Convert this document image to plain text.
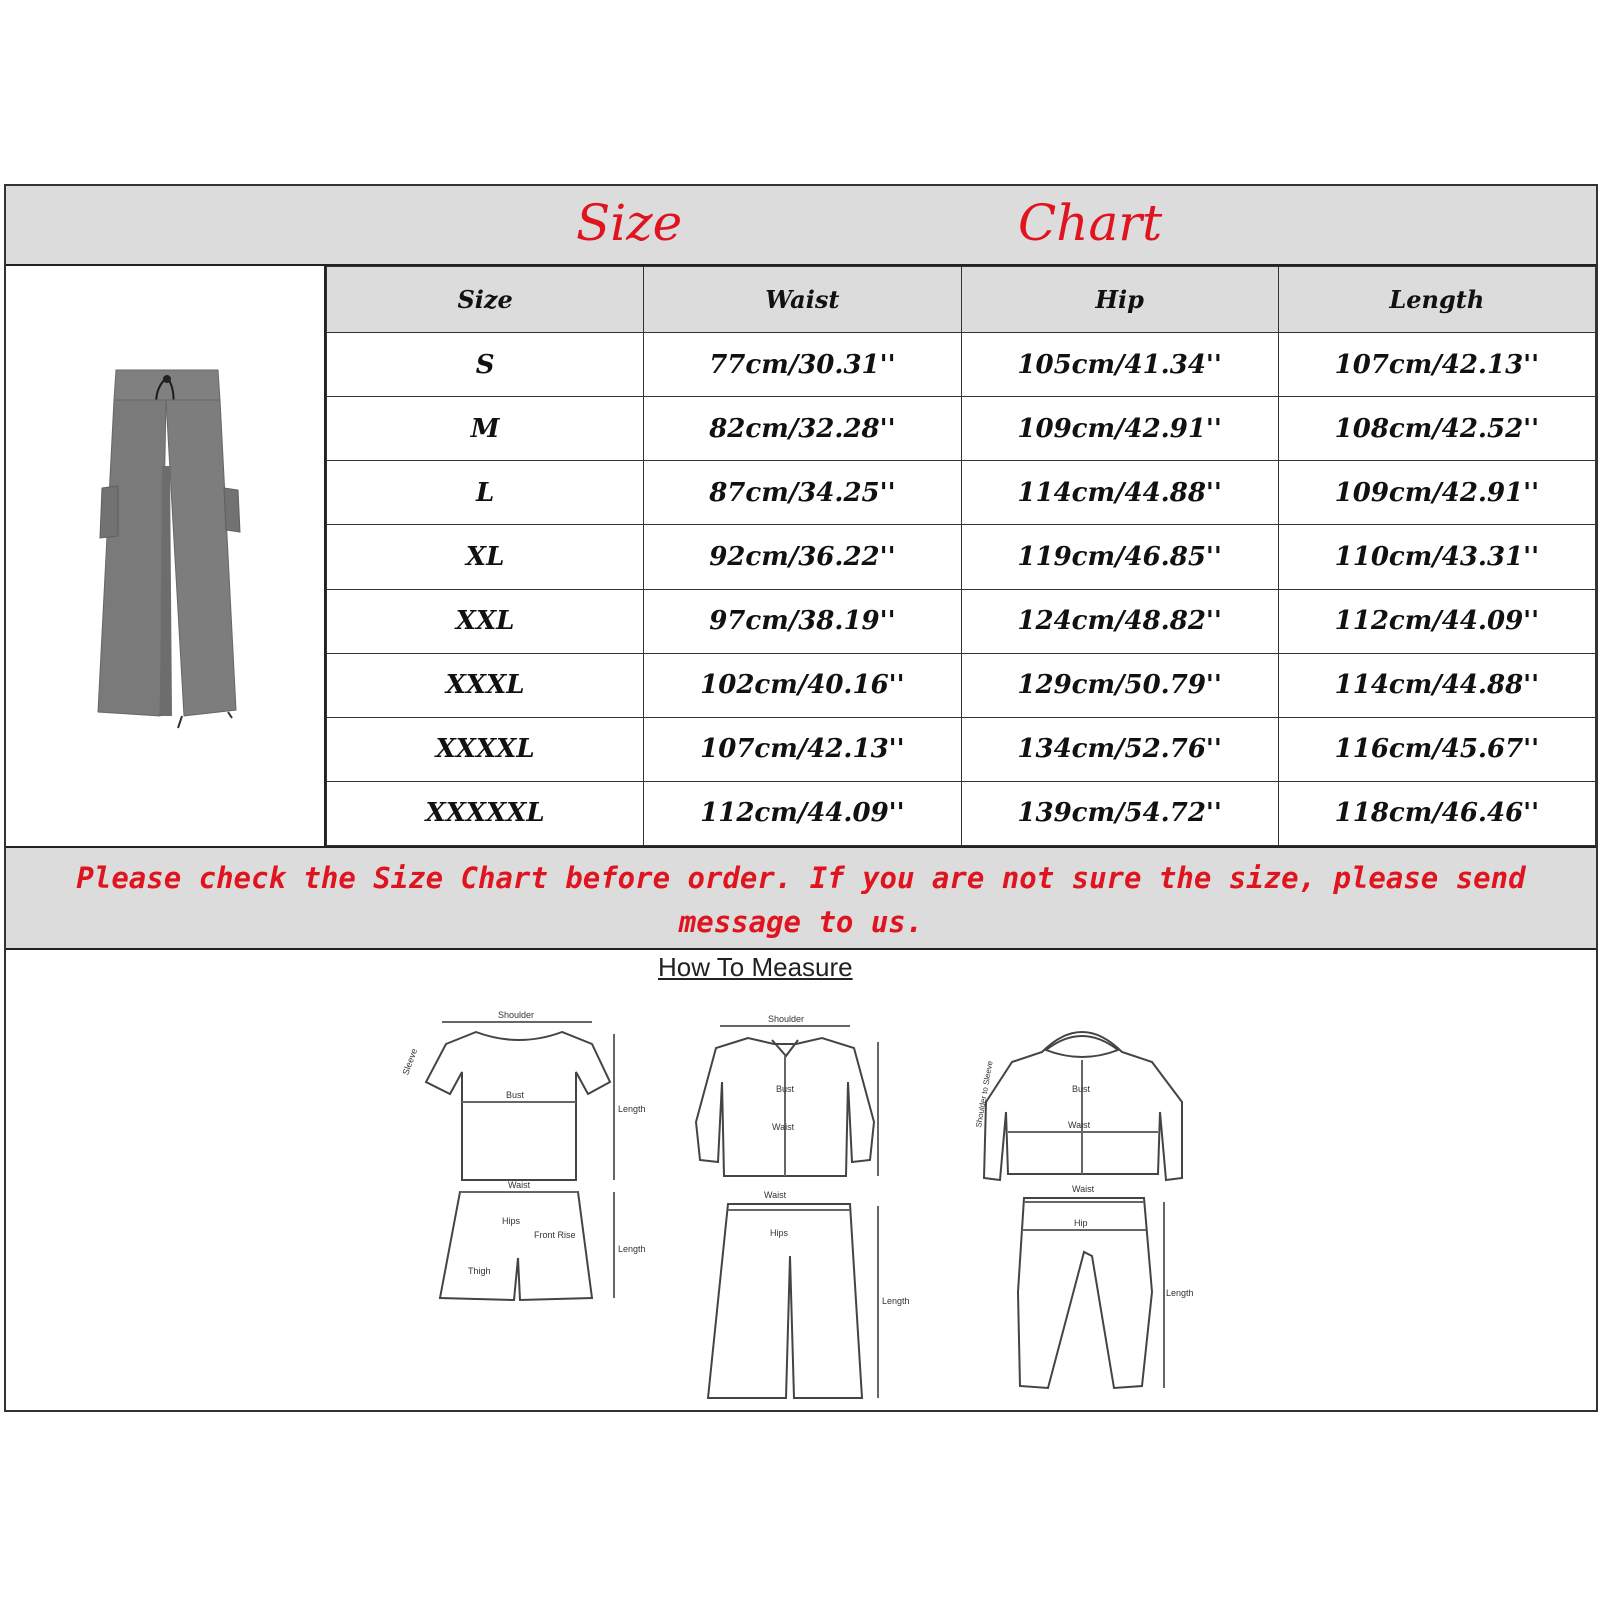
Size	Chart
Size	Waist	Hip	Length
S	77cm/30.31''	105cm/41.34''	107cm/42.13''
M	82cm/32.28''	109cm/42.91''	108cm/42.52''
L	87cm/34.25''	114cm/44.88''	109cm/42.91''
XL	92cm/36.22''	119cm/46.85''	110cm/43.31''
XXL	97cm/38.19''	124cm/48.82''	112cm/44.09''
XXXL	102cm/40.16''	129cm/50.79''	114cm/44.88''
XXXXL	107cm/42.13''	134cm/52.76''	116cm/45.67''
XXXXXL	112cm/44.09''	139cm/54.72''	118cm/46.46''
Please check the Size Chart before order. If you are not sure the size, please send message to us.
How To Measure
Shoulder
Bust
Length
Sleeve
Waist
Hips
Front Rise
Thigh
Length
Shoulder
Bust
Waist
Waist
Hips
Length
Bust
Waist
Shoulder to Sleeve
Waist
Hip
Length
